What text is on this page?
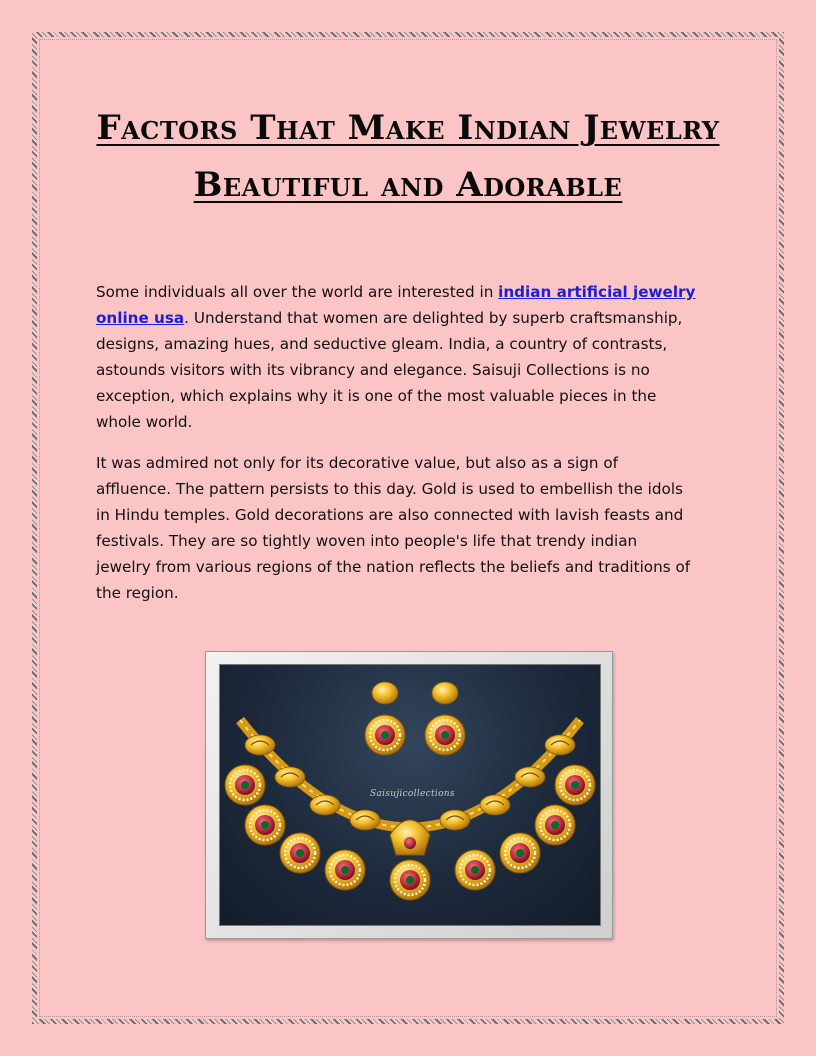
Factors That Make Indian Jewelry Beautiful and Adorable

Some individuals all over the world are interested in indian artificial jewelry online usa. Understand that women are delighted by superb craftsmanship, designs, amazing hues, and seductive gleam. India, a country of contrasts, astounds visitors with its vibrancy and elegance. Saisuji Collections is no exception, which explains why it is one of the most valuable pieces in the whole world.

It was admired not only for its decorative value, but also as a sign of affluence. The pattern persists to this day. Gold is used to embellish the idols in Hindu temples. Gold decorations are also connected with lavish feasts and festivals. They are so tightly woven into people's life that trendy indian jewelry from various regions of the nation reflects the beliefs and traditions of the region.

Saisujicollections
